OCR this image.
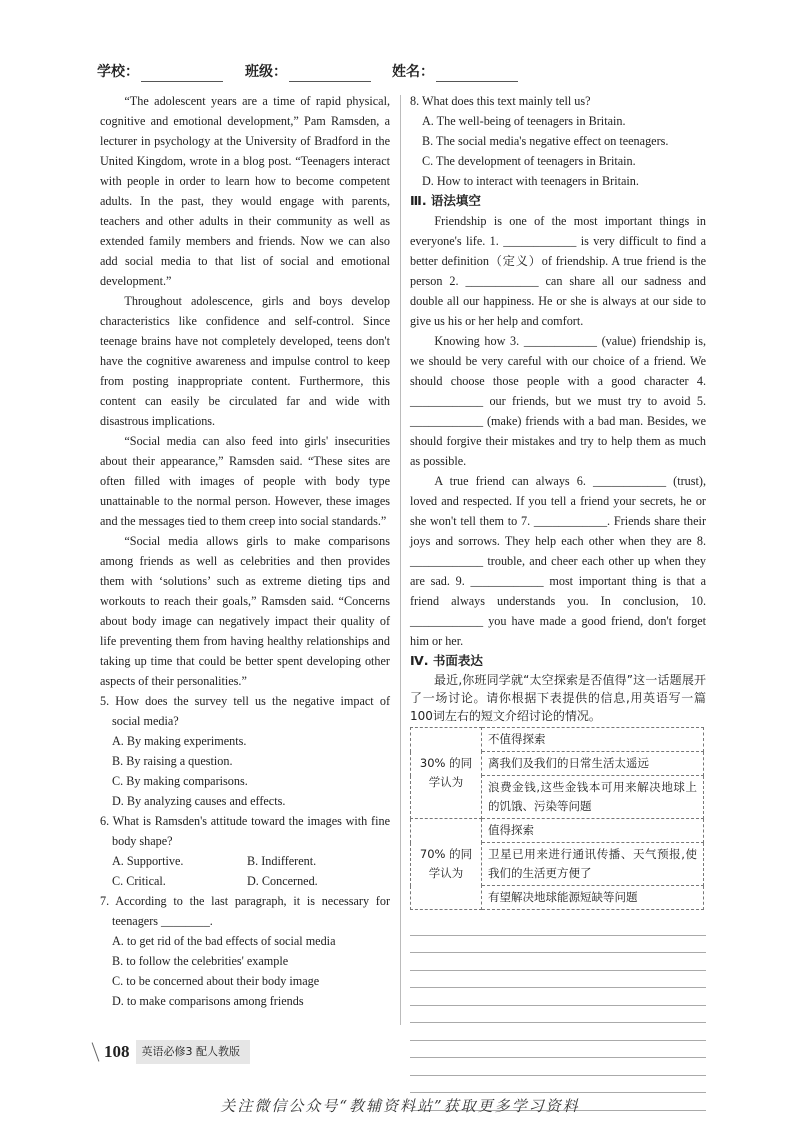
学校：	班级：	姓名：

“The adolescent years are a time of rapid physical, cognitive and emotional development,” Pam Ramsden, a lecturer in psychology at the University of Bradford in the United Kingdom, wrote in a blog post. “Teenagers interact with people in order to learn how to become competent adults. In the past, they would engage with parents, teachers and other adults in their community as well as extended family members and friends. Now we can also add social media to that list of social and emotional development.”

Throughout adolescence, girls and boys develop characteristics like confidence and self-control. Since teenage brains have not completely developed, teens don't have the cognitive awareness and impulse control to keep from posting inappropriate content. Furthermore, this content can easily be circulated far and wide with disastrous implications.

“Social media can also feed into girls' insecurities about their appearance,” Ramsden said. “These sites are often filled with images of people with body type unattainable to the normal person. However, these images and the messages tied to them creep into social standards.”

“Social media allows girls to make comparisons among friends as well as celebrities and then provides them with ‘solutions’ such as extreme dieting tips and workouts to reach their goals,” Ramsden said. “Concerns about body image can negatively impact their quality of life preventing them from having healthy relationships and taking up time that could be better spent developing other aspects of their personalities.”

5. How does the survey tell us the negative impact of social media?

A. By making experiments.

B. By raising a question.

C. By making comparisons.

D. By analyzing causes and effects.

6. What is Ramsden's attitude toward the images with fine body shape?

A. Supportive.	B. Indifferent.
C. Critical.	D. Concerned.

7. According to the last paragraph, it is necessary for teenagers ________.

A. to get rid of the bad effects of social media

B. to follow the celebrities' example

C. to be concerned about their body image

D. to make comparisons among friends

8. What does this text mainly tell us?

A. The well-being of teenagers in Britain.

B. The social media's negative effect on teenagers.

C. The development of teenagers in Britain.

D. How to interact with teenagers in Britain.

Ⅲ. 语法填空

Friendship is one of the most important things in everyone's life. 1. ____________ is very difficult to find a better definition（定义）of friendship. A true friend is the person 2. ____________ can share all our sadness and double all our happiness. He or she is always at our side to give us his or her help and comfort.

Knowing how 3. ____________ (value) friendship is, we should be very careful with our choice of a friend. We should choose those people with a good character 4. ____________ our friends, but we must try to avoid 5. ____________ (make) friends with a bad man. Besides, we should forgive their mistakes and try to help them as much as possible.

A true friend can always 6. ____________ (trust), loved and respected. If you tell a friend your secrets, he or she won't tell them to 7. ____________. Friends share their joys and sorrows. They help each other when they are 8. ____________ trouble, and cheer each other up when they are sad. 9. ____________ most important thing is that a friend always understands you. In conclusion, 10. ____________ you have made a good friend, don't forget him or her.

Ⅳ. 书面表达

最近,你班同学就“太空探索是否值得”这一话题展开了一场讨论。请你根据下表提供的信息,用英语写一篇100词左右的短文介绍讨论的情况。

30% 的同学认为	不值得探索
	离我们及我们的日常生活太遥远
	浪费金钱,这些金钱本可用来解决地球上的饥饿、污染等问题
70% 的同学认为	值得探索
	卫星已用来进行通讯传播、天气预报,使我们的生活更方便了
	有望解决地球能源短缺等问题
108	英语必修3 配人教版
关注微信公众号“教辅资料站”获取更多学习资料
